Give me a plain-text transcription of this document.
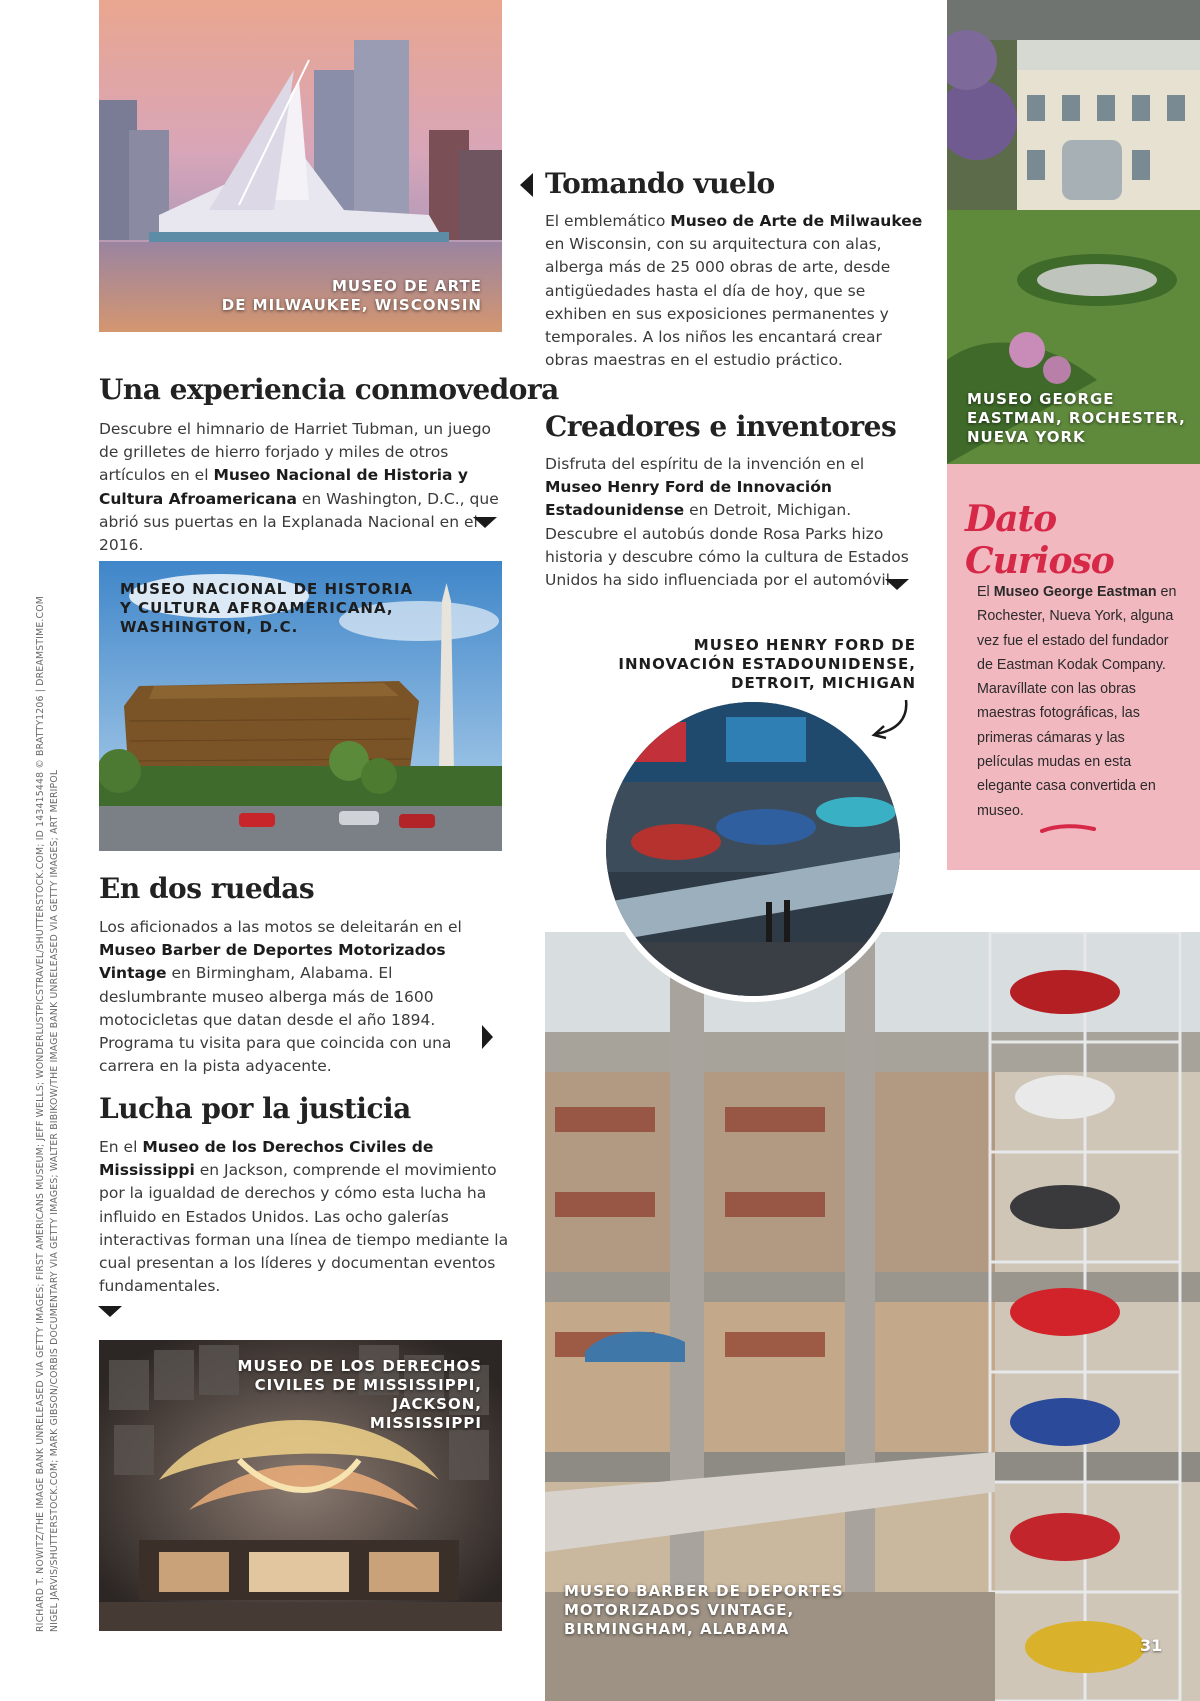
MUSEO DE ARTE
DE MILWAUKEE, WISCONSIN
Una experiencia conmovedora

Descubre el himnario de Harriet Tubman, un juego de grilletes de hierro forjado y miles de otros artículos en el Museo Nacional de Historia y Cultura Afroamericana en Washington, D.C., que abrió sus puertas en la Explanada Nacional en el 2016.

MUSEO NACIONAL DE HISTORIA
Y CULTURA AFROAMERICANA,
WASHINGTON, D.C.
En dos ruedas

Los aficionados a las motos se deleitarán en el Museo Barber de Deportes Motorizados Vintage en Birmingham, Alabama. El deslumbrante museo alberga más de 1600 motocicletas que datan desde el año 1894. Programa tu visita para que coincida con una carrera en la pista adyacente.

Lucha por la justicia

En el Museo de los Derechos Civiles de Mississippi en Jackson, comprende el movimiento por la igualdad de derechos y cómo esta lucha ha influido en Estados Unidos. Las ocho galerías interactivas forman una línea de tiempo mediante la cual presentan a los líderes y documentan eventos fundamentales.

MUSEO DE LOS DERECHOS
CIVILES DE MISSISSIPPI,
JACKSON,
MISSISSIPPI
Tomando vuelo

El emblemático Museo de Arte de Milwaukee en Wisconsin, con su arquitectura con alas, alberga más de 25 000 obras de arte, desde antigüedades hasta el día de hoy, que se exhiben en sus exposiciones permanentes y temporales. A los niños les encantará crear obras maestras en el estudio práctico.

Creadores e inventores

Disfruta del espíritu de la invención en el Museo Henry Ford de Innovación Estadounidense en Detroit, Michigan. Descubre el autobús donde Rosa Parks hizo historia y descubre cómo la cultura de Estados Unidos ha sido influenciada por el automóvil.

MUSEO HENRY FORD DE
INNOVACIÓN ESTADOUNIDENSE,
DETROIT, MICHIGAN
MUSEO BARBER DE DEPORTES
MOTORIZADOS VINTAGE,
BIRMINGHAM, ALABAMA
MUSEO GEORGE
EASTMAN, ROCHESTER,
NUEVA YORK
Dato Curioso

El Museo George Eastman en Rochester, Nueva York, alguna vez fue el estado del fundador de Eastman Kodak Company. Maravíllate con las obras maestras fotográficas, las primeras cámaras y las películas mudas en esta elegante casa convertida en museo.

31
RICHARD T. NOWITZ/THE IMAGE BANK UNRELEASED VIA GETTY IMAGES; FIRST AMERICANS MUSEUM; JEFF WELLS; WONDERLUSTPICSTRAVEL/SHUTTERSTOCK.COM; ID 143415448 © BRATTY1206 | DREAMSTIME.COM NIGEL JARVIS/SHUTTERSTOCK.COM; MARK GIBSON/CORBIS DOCUMENTARY VIA GETTY IMAGES; WALTER BIBIKOW/THE IMAGE BANK UNRELEASED VIA GETTY IMAGES; ART MERIPOL
